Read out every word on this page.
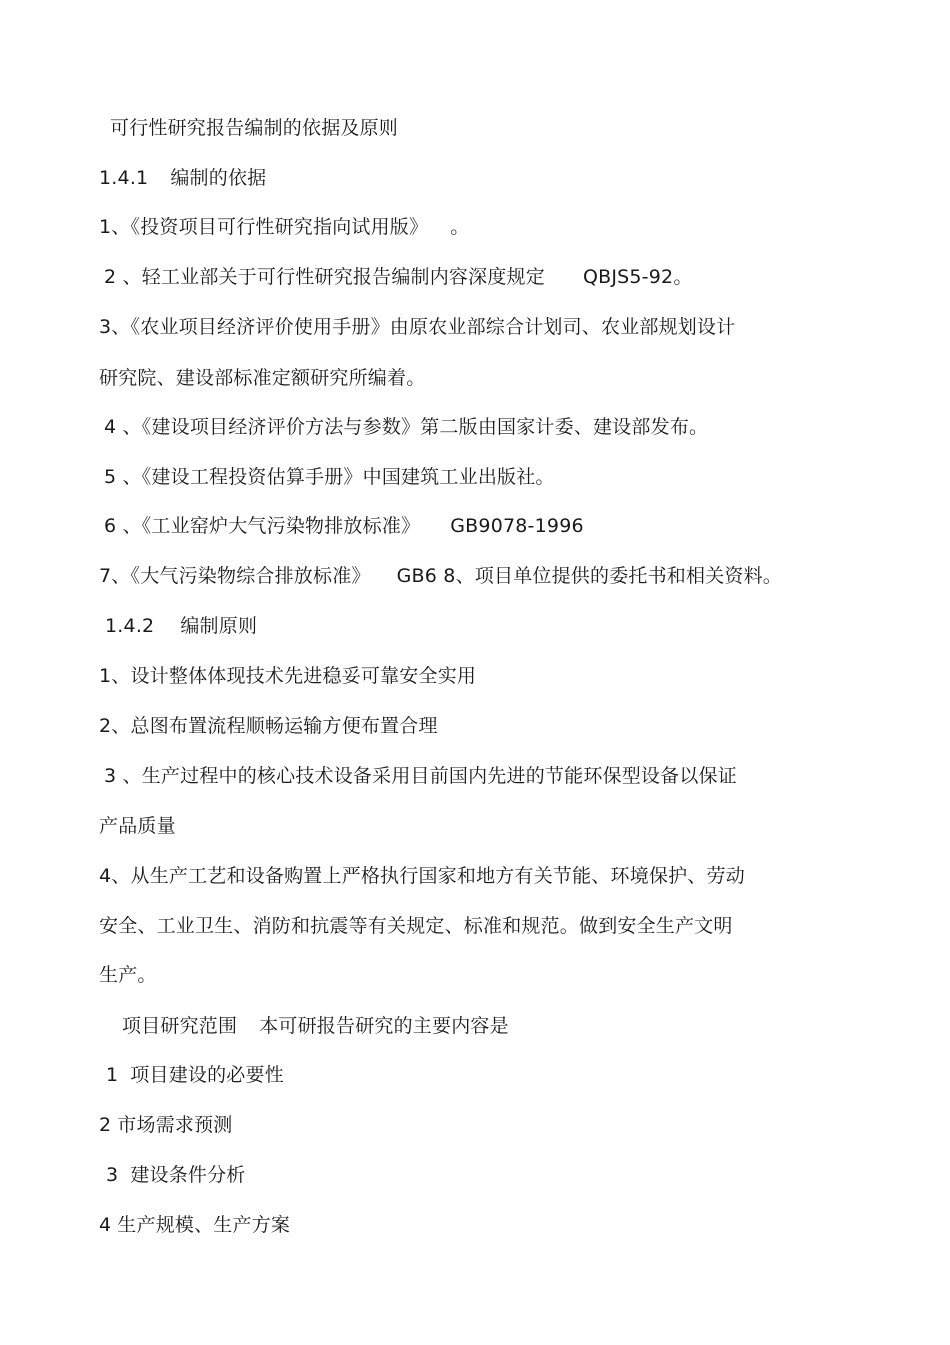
可行性研究报告编制的依据及原则
1.4.1 编制的依据
1、《投资项目可行性研究指向试用版》 。
2 、轻工业部关于可行性研究报告编制内容深度规定 QBJS5-92。
3、《农业项目经济评价使用手册》由原农业部综合计划司、农业部规划设计
研究院、建设部标准定额研究所编着。
4 、《建设项目经济评价方法与参数》第二版由国家计委、建设部发布。
5 、《建设工程投资估算手册》中国建筑工业出版社。
6 、《工业窑炉大气污染物排放标准》 GB9078-1996
7、《大气污染物综合排放标准》 GB6 8、项目单位提供的委托书和相关资料。
1.4.2 编制原则
1、设计整体体现技术先进稳妥可靠安全实用
2、总图布置流程顺畅运输方便布置合理
3 、生产过程中的核心技术设备采用目前国内先进的节能环保型设备以保证
产品质量
4、从生产工艺和设备购置上严格执行国家和地方有关节能、环境保护、劳动
安全、工业卫生、消防和抗震等有关规定、标准和规范。做到安全生产文明
生产。
项目研究范围 本可研报告研究的主要内容是
1 项目建设的必要性
2 市场需求预测
3 建设条件分析
4 生产规模、生产方案
